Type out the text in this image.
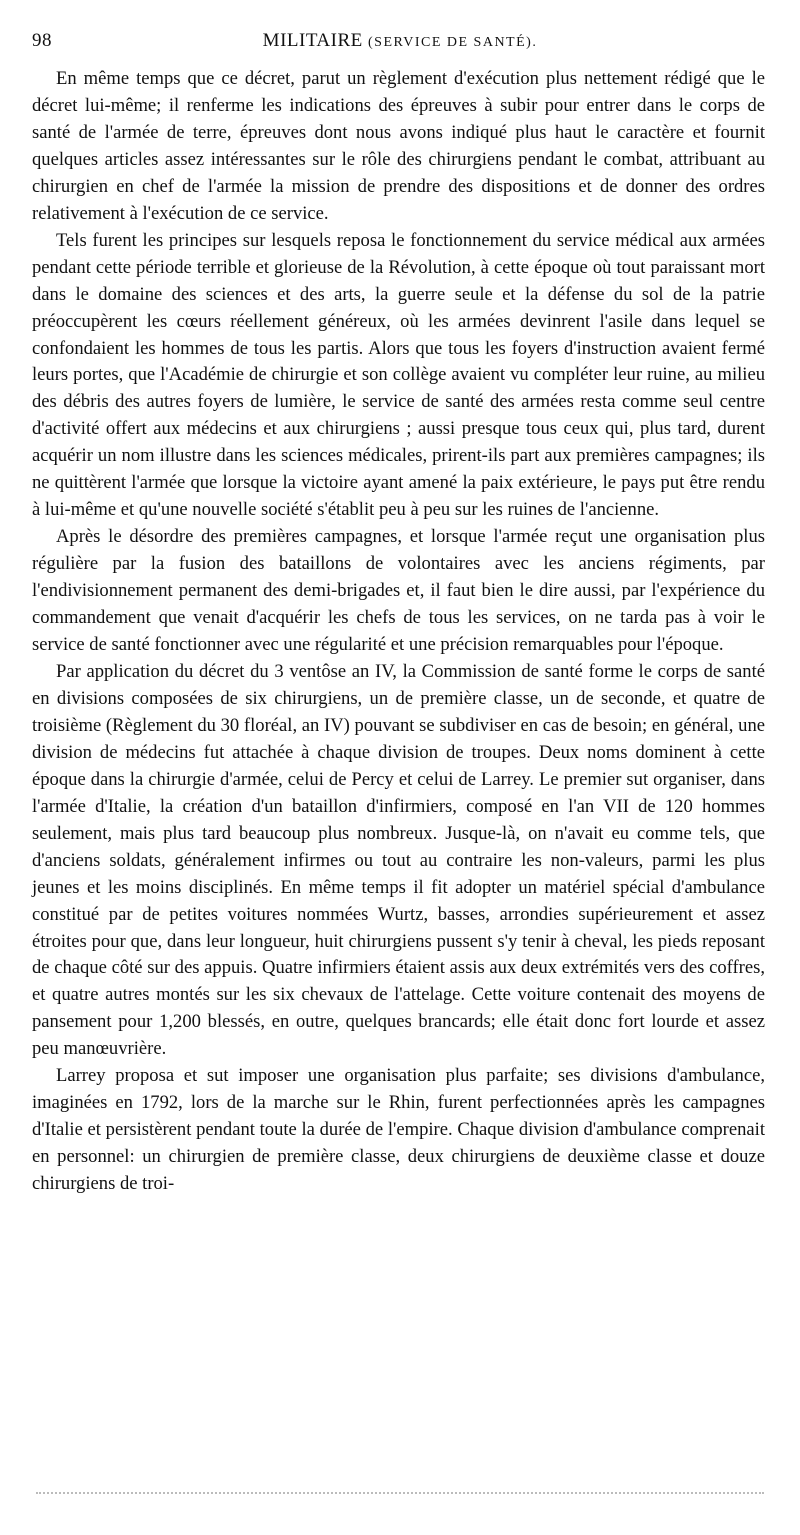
98	MILITAIRE (SERVICE DE SANTÉ).

En même temps que ce décret, parut un règlement d'exécution plus nettement rédigé que le décret lui-même; il renferme les indications des épreuves à subir pour entrer dans le corps de santé de l'armée de terre, épreuves dont nous avons indiqué plus haut le caractère et fournit quelques articles assez intéressantes sur le rôle des chirurgiens pendant le combat, attribuant au chirurgien en chef de l'armée la mission de prendre des dispositions et de donner des ordres relativement à l'exécution de ce service.

Tels furent les principes sur lesquels reposa le fonctionnement du service médical aux armées pendant cette période terrible et glorieuse de la Révolution, à cette époque où tout paraissant mort dans le domaine des sciences et des arts, la guerre seule et la défense du sol de la patrie préoccupèrent les cœurs réellement généreux, où les armées devinrent l'asile dans lequel se confondaient les hommes de tous les partis. Alors que tous les foyers d'instruction avaient fermé leurs portes, que l'Académie de chirurgie et son collège avaient vu compléter leur ruine, au milieu des débris des autres foyers de lumière, le service de santé des armées resta comme seul centre d'activité offert aux médecins et aux chirurgiens ; aussi presque tous ceux qui, plus tard, durent acquérir un nom illustre dans les sciences médicales, prirent-ils part aux premières campagnes; ils ne quittèrent l'armée que lorsque la victoire ayant amené la paix extérieure, le pays put être rendu à lui-même et qu'une nouvelle société s'établit peu à peu sur les ruines de l'ancienne.

Après le désordre des premières campagnes, et lorsque l'armée reçut une organisation plus régulière par la fusion des bataillons de volontaires avec les anciens régiments, par l'endivisionnement permanent des demi-brigades et, il faut bien le dire aussi, par l'expérience du commandement que venait d'acquérir les chefs de tous les services, on ne tarda pas à voir le service de santé fonctionner avec une régularité et une précision remarquables pour l'époque.

Par application du décret du 3 ventôse an IV, la Commission de santé forme le corps de santé en divisions composées de six chirurgiens, un de première classe, un de seconde, et quatre de troisième (Règlement du 30 floréal, an IV) pouvant se subdiviser en cas de besoin; en général, une division de médecins fut attachée à chaque division de troupes. Deux noms dominent à cette époque dans la chirurgie d'armée, celui de Percy et celui de Larrey. Le premier sut organiser, dans l'armée d'Italie, la création d'un bataillon d'infirmiers, composé en l'an VII de 120 hommes seulement, mais plus tard beaucoup plus nombreux. Jusque-là, on n'avait eu comme tels, que d'anciens soldats, généralement infirmes ou tout au contraire les non-valeurs, parmi les plus jeunes et les moins disciplinés. En même temps il fit adopter un matériel spécial d'ambulance constitué par de petites voitures nommées Wurtz, basses, arrondies supérieurement et assez étroites pour que, dans leur longueur, huit chirurgiens pussent s'y tenir à cheval, les pieds reposant de chaque côté sur des appuis. Quatre infirmiers étaient assis aux deux extrémités vers des coffres, et quatre autres montés sur les six chevaux de l'attelage. Cette voiture contenait des moyens de pansement pour 1,200 blessés, en outre, quelques brancards; elle était donc fort lourde et assez peu manœuvrière.

Larrey proposa et sut imposer une organisation plus parfaite; ses divisions d'ambulance, imaginées en 1792, lors de la marche sur le Rhin, furent perfectionnées après les campagnes d'Italie et persistèrent pendant toute la durée de l'empire. Chaque division d'ambulance comprenait en personnel: un chirurgien de première classe, deux chirurgiens de deuxième classe et douze chirurgiens de troi-
